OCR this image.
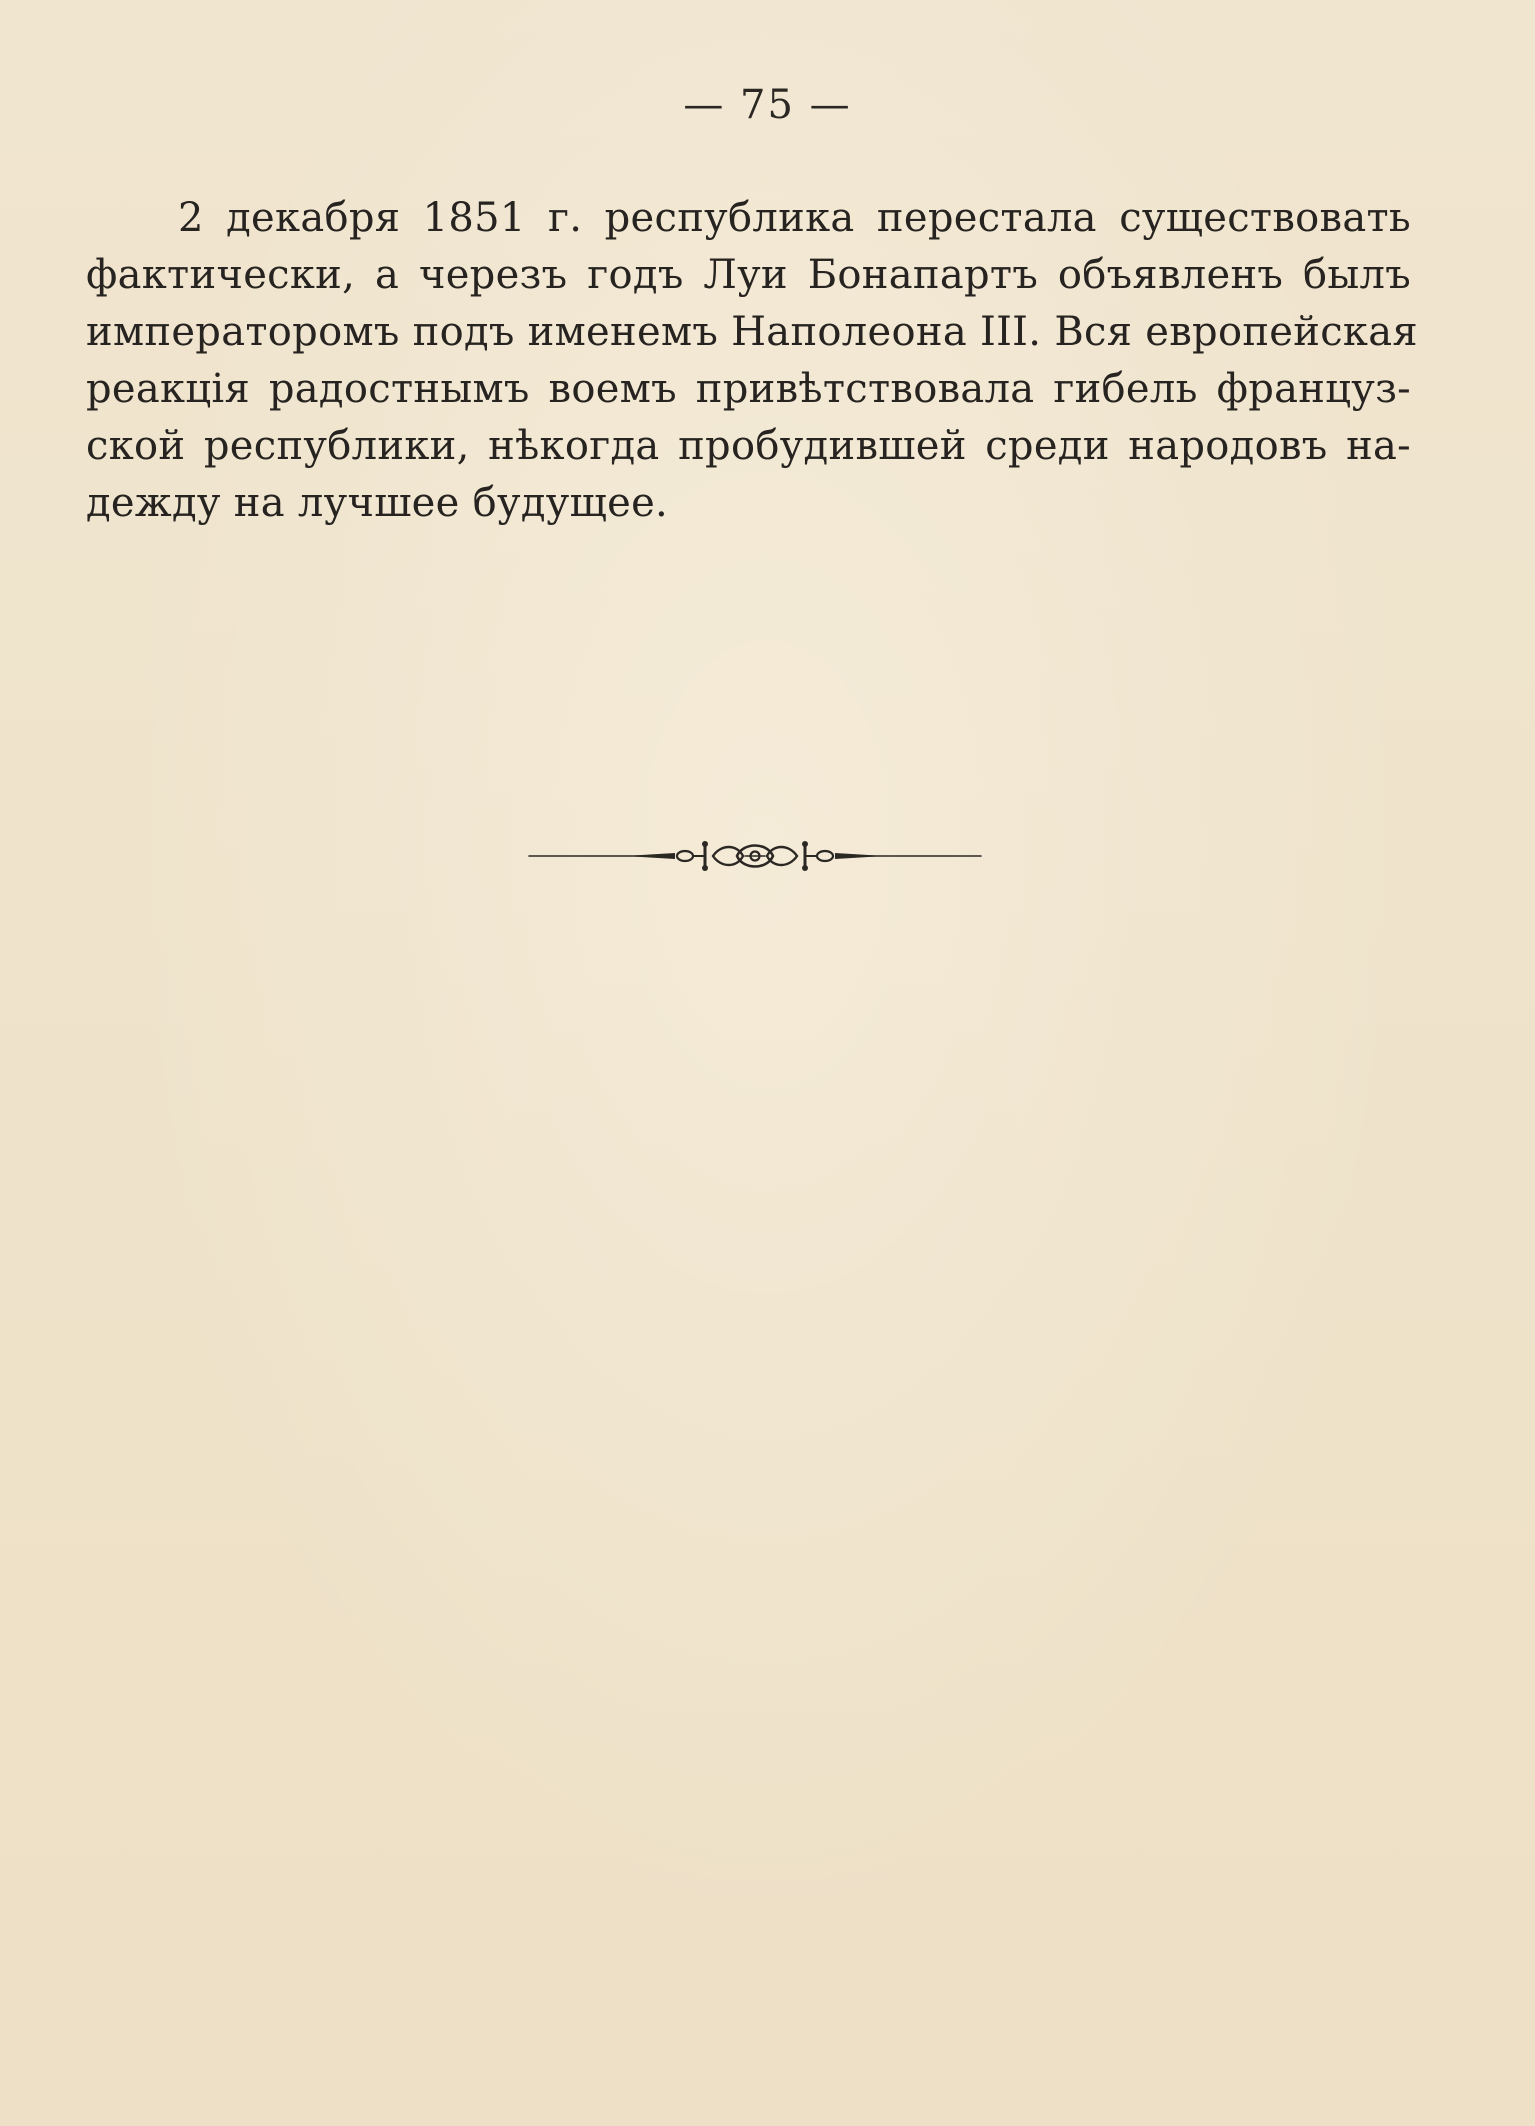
— 75 —
2 декабря 1851 г. республика перестала существовать
фактически, а черезъ годъ Луи Бонапартъ объявленъ былъ
императоромъ подъ именемъ Наполеона III. Вся европейская
реакція радостнымъ воемъ привѣтствовала гибель француз-
ской республики, нѣкогда пробудившей среди народовъ на-
дежду на лучшее будущее.
